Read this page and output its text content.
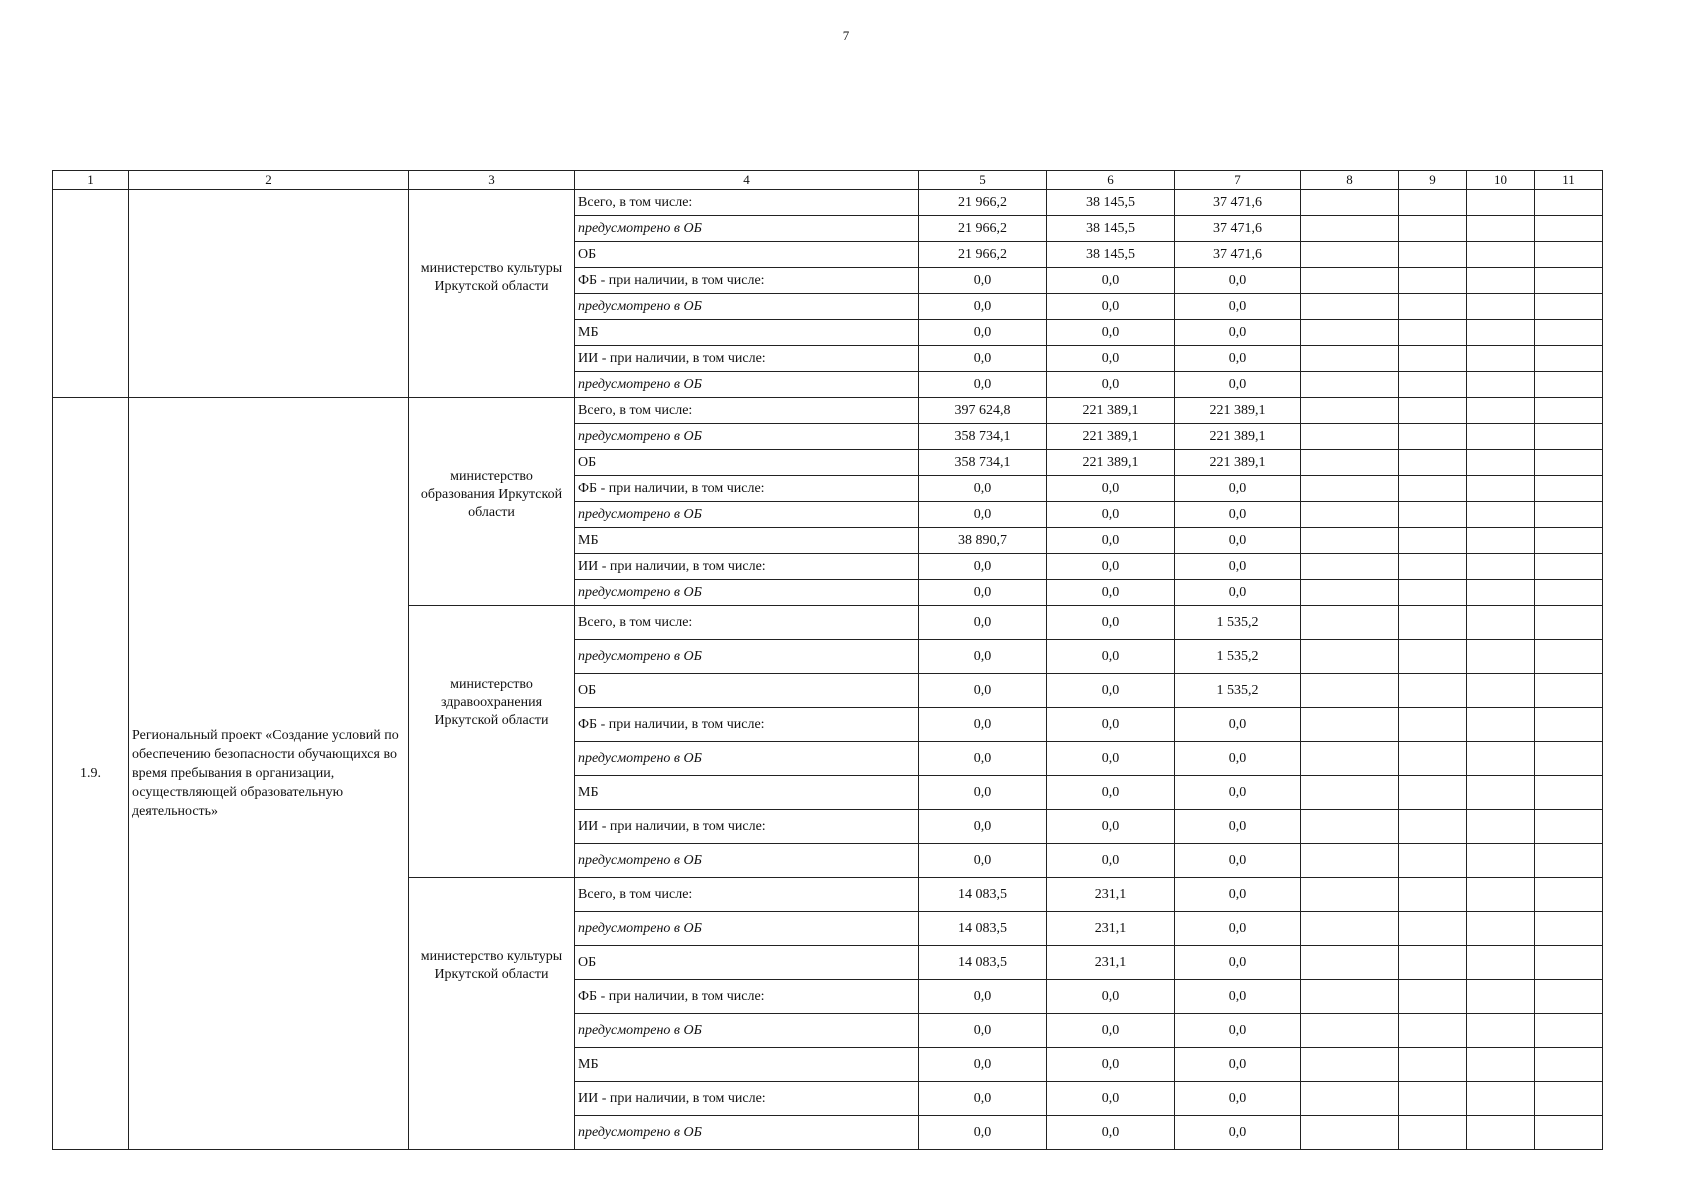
7
1	2	3	4	5	6	7	8	9	10	11
		министерство культуры Иркутской области	Всего, в том числе:	21 966,2	38 145,5	37 471,6				
			предусмотрено в ОБ	21 966,2	38 145,5	37 471,6				
			ОБ	21 966,2	38 145,5	37 471,6				
			ФБ - при наличии, в том числе:	0,0	0,0	0,0				
			предусмотрено в ОБ	0,0	0,0	0,0				
			МБ	0,0	0,0	0,0				
			ИИ - при наличии, в том числе:	0,0	0,0	0,0				
			предусмотрено в ОБ	0,0	0,0	0,0				
1.9.	Региональный проект «Создание условий по обеспечению безопасности обучающихся во время пребывания в организации, осуществляющей образовательную деятельность»	министерство образования Иркутской области	Всего, в том числе:	397 624,8	221 389,1	221 389,1				
			предусмотрено в ОБ	358 734,1	221 389,1	221 389,1				
			ОБ	358 734,1	221 389,1	221 389,1				
			ФБ - при наличии, в том числе:	0,0	0,0	0,0				
			предусмотрено в ОБ	0,0	0,0	0,0				
			МБ	38 890,7	0,0	0,0				
			ИИ - при наличии, в том числе:	0,0	0,0	0,0				
			предусмотрено в ОБ	0,0	0,0	0,0				
		министерство здравоохранения Иркутской области	Всего, в том числе:	0,0	0,0	1 535,2				
			предусмотрено в ОБ	0,0	0,0	1 535,2				
			ОБ	0,0	0,0	1 535,2				
			ФБ - при наличии, в том числе:	0,0	0,0	0,0				
			предусмотрено в ОБ	0,0	0,0	0,0				
			МБ	0,0	0,0	0,0				
			ИИ - при наличии, в том числе:	0,0	0,0	0,0				
			предусмотрено в ОБ	0,0	0,0	0,0				
		министерство культуры Иркутской области	Всего, в том числе:	14 083,5	231,1	0,0				
			предусмотрено в ОБ	14 083,5	231,1	0,0				
			ОБ	14 083,5	231,1	0,0				
			ФБ - при наличии, в том числе:	0,0	0,0	0,0				
			предусмотрено в ОБ	0,0	0,0	0,0				
			МБ	0,0	0,0	0,0				
			ИИ - при наличии, в том числе:	0,0	0,0	0,0				
			предусмотрено в ОБ	0,0	0,0	0,0				
